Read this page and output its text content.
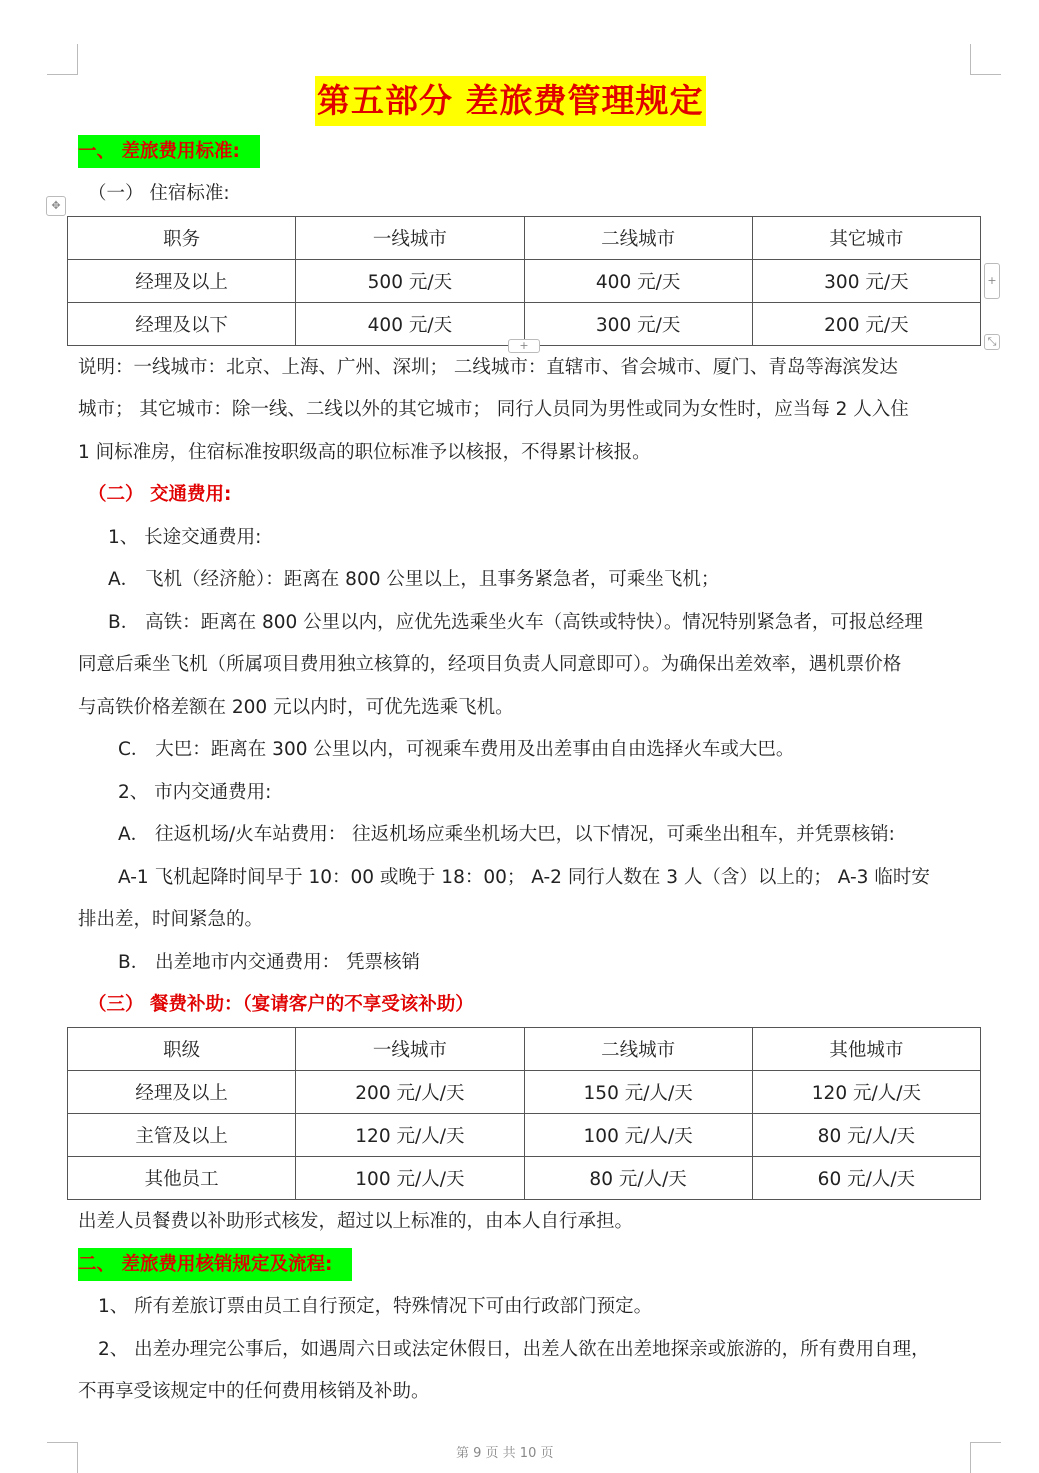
第五部分 差旅费管理规定
一、 差旅费用标准:
✥
（一） 住宿标准:
职务	一线城市	二线城市	其它城市
经理及以上	500 元/天	400 元/天	300 元/天
经理及以下	400 元/天	300 元/天	200 元/天
+
+	⤡
说明：一线城市：北京、上海、广州、深圳； 二线城市：直辖市、省会城市、厦门、青岛等海滨发达
城市； 其它城市：除一线、二线以外的其它城市； 同行人员同为男性或同为女性时，应当每 2 人入住
1 间标准房，住宿标准按职级高的职位标准予以核报，不得累计核报。
（二） 交通费用:
1、 长途交通费用:
A． 飞机（经济舱）：距离在 800 公里以上，且事务紧急者，可乘坐飞机；
B． 高铁：距离在 800 公里以内，应优先选乘坐火车（高铁或特快）。情况特别紧急者，可报总经理
同意后乘坐飞机（所属项目费用独立核算的，经项目负责人同意即可）。为确保出差效率，遇机票价格
与高铁价格差额在 200 元以内时，可优先选乘飞机。
C． 大巴：距离在 300 公里以内，可视乘车费用及出差事由自由选择火车或大巴。
2、 市内交通费用:
A． 往返机场/火车站费用： 往返机场应乘坐机场大巴，以下情况，可乘坐出租车，并凭票核销:
A-1 飞机起降时间早于 10：00 或晚于 18：00； A-2 同行人数在 3 人（含）以上的； A-3 临时安
排出差，时间紧急的。
B． 出差地市内交通费用： 凭票核销
（三） 餐费补助：（宴请客户的不享受该补助）
职级	一线城市	二线城市	其他城市
经理及以上	200 元/人/天	150 元/人/天	120 元/人/天
主管及以上	120 元/人/天	100 元/人/天	80 元/人/天
其他员工	100 元/人/天	80 元/人/天	60 元/人/天
出差人员餐费以补助形式核发，超过以上标准的，由本人自行承担。
二、 差旅费用核销规定及流程:
1、 所有差旅订票由员工自行预定，特殊情况下可由行政部门预定。
2、 出差办理完公事后，如遇周六日或法定休假日，出差人欲在出差地探亲或旅游的，所有费用自理，
不再享受该规定中的任何费用核销及补助。
第 9 页 共 10 页
